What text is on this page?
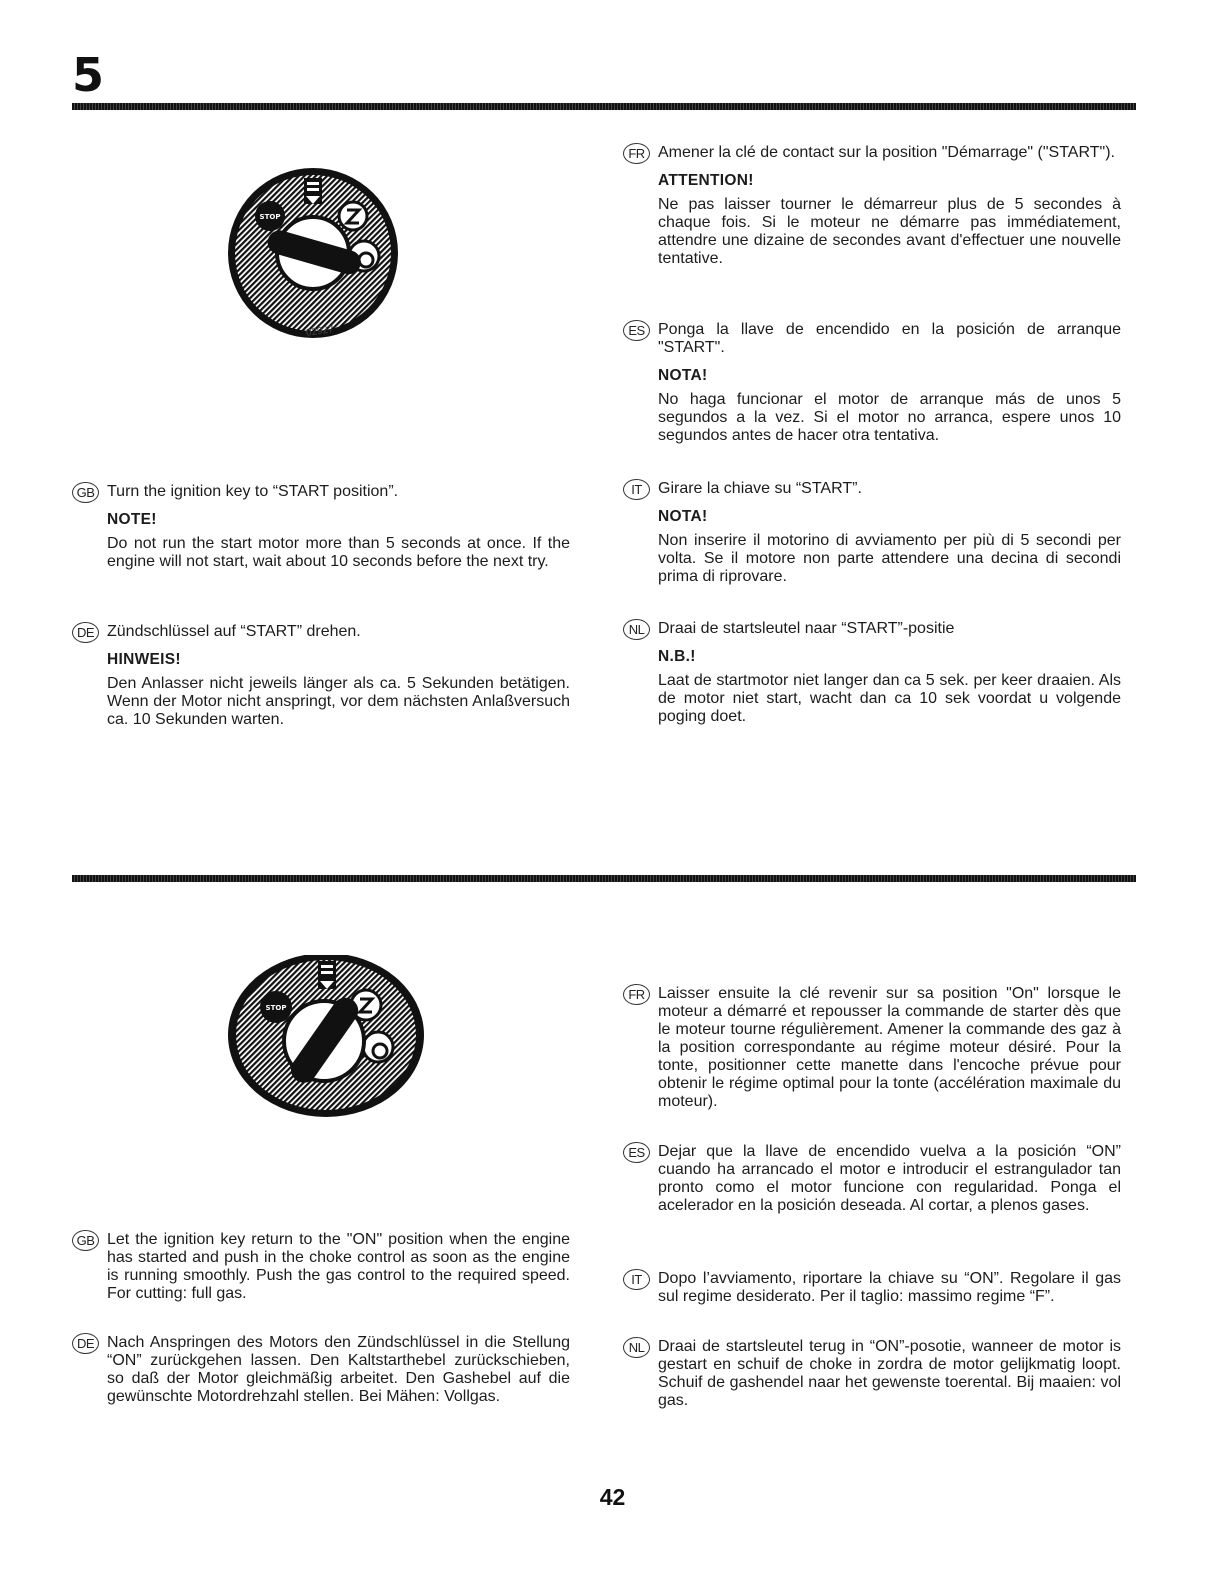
5
STOP
02927
STOP
FR Amener la clé de contact sur la position "Démarrage" ("START").

ATTENTION!

Ne pas laisser tourner le démarreur plus de 5 secondes à chaque fois. Si le moteur ne démarre pas immédiatement, attendre une dizaine de secondes avant d'effectuer une nouvelle tentative.

ES Ponga la llave de encendido en la posición de arranque "START".

NOTA!

No haga funcionar el motor de arranque más de unos 5 segundos a la vez. Si el motor no arranca, espere unos 10 segundos antes de hacer otra tentativa.

GB Turn the ignition key to “START position”.

NOTE!

Do not run the start motor more than 5 seconds at once. If the engine will not start, wait about 10 seconds before the next try.

IT	Girare la chiave su “START”.

NOTA!

Non inserire il motorino di avviamento per più di 5 secondi per volta. Se il motore non parte attendere una decina di secondi prima di riprovare.

DE Zündschlüssel auf “START” drehen.

HINWEIS!

Den Anlasser nicht jeweils länger als ca. 5 Sekunden betätigen. Wenn der Motor nicht anspringt, vor dem nächsten Anlaßversuch ca. 10 Sekunden warten.

NL Draai de startsleutel naar “START”-positie

N.B.!

Laat de startmotor niet langer dan ca 5 sek. per keer draaien. Als de motor niet start, wacht dan ca 10 sek voordat u volgende poging doet.

FR Laisser ensuite la clé revenir sur sa position "On" lorsque le moteur a démarré et repousser la commande de starter dès que le moteur tourne régulièrement. Amener la commande des gaz à la position correspondante au régime moteur désiré. Pour la tonte, positionner cette manette dans l'encoche prévue pour obtenir le régime optimal pour la tonte (accélération maximale du moteur).

ES Dejar que la llave de encendido vuelva a la posición “ON” cuando ha arrancado el motor e introducir el estrangulador tan pronto como el motor funcione con regularidad. Ponga el acelerador en la posición deseada. Al cortar, a plenos gases.

GB Let the ignition key return to the "ON" position when the engine has started and push in the choke control as soon as the engine is running smoothly. Push the gas control to the required speed. For cutting: full gas.

IT	Dopo l’avviamento, riportare la chiave su “ON”. Regolare il gas sul regime desiderato. Per il taglio: massimo regime “F”.

DE Nach Anspringen des Motors den Zündschlüssel in die Stellung “ON” zurückgehen lassen. Den Kaltstarthebel zurückschieben, so daß der Motor gleichmäßig arbeitet. Den Gashebel auf die gewünschte Motordrehzahl stellen. Bei Mähen: Vollgas.

NL Draai de startsleutel terug in “ON”-posotie, wanneer de motor is gestart en schuif de choke in zordra de motor gelijkmatig loopt. Schuif de gashendel naar het gewenste toerental. Bij maaien: vol gas.

42
